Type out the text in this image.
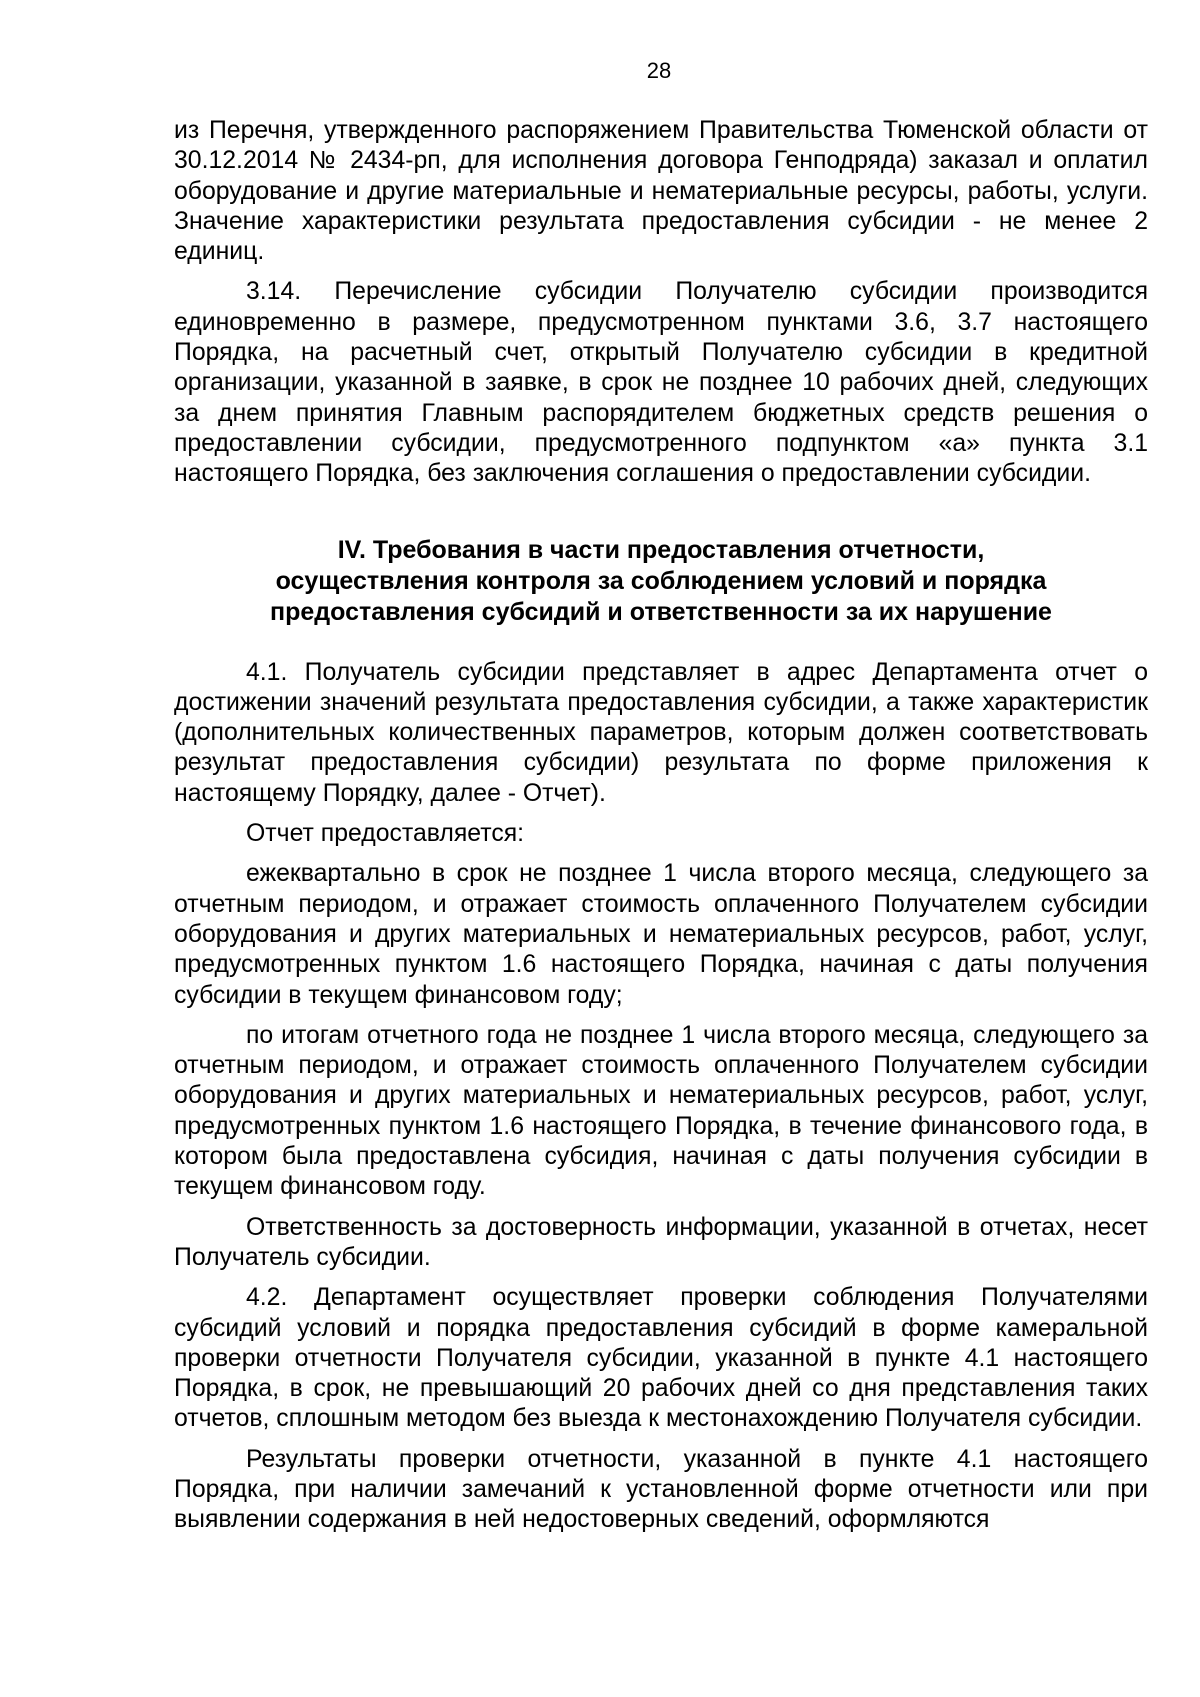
28

из Перечня, утвержденного распоряжением Правительства Тюменской области от 30.12.2014 № 2434-рп, для исполнения договора Генподряда) заказал и оплатил оборудование и другие материальные и нематериальные ресурсы, работы, услуги. Значение характеристики результата предоставления субсидии - не менее 2 единиц.

3.14. Перечисление субсидии Получателю субсидии производится единовременно в размере, предусмотренном пунктами 3.6, 3.7 настоящего Порядка, на расчетный счет, открытый Получателю субсидии в кредитной организации, указанной в заявке, в срок не позднее 10 рабочих дней, следующих за днем принятия Главным распорядителем бюджетных средств решения о предоставлении субсидии, предусмотренного подпунктом «а» пункта 3.1 настоящего Порядка, без заключения соглашения о предоставлении субсидии.

IV. Требования в части предоставления отчетности,
осуществления контроля за соблюдением условий и порядка
предоставления субсидий и ответственности за их нарушение

4.1. Получатель субсидии представляет в адрес Департамента отчет о достижении значений результата предоставления субсидии, а также характеристик (дополнительных количественных параметров, которым должен соответствовать результат предоставления субсидии) результата по форме приложения к настоящему Порядку, далее - Отчет).

Отчет предоставляется:

ежеквартально в срок не позднее 1 числа второго месяца, следующего за отчетным периодом, и отражает стоимость оплаченного Получателем субсидии оборудования и других материальных и нематериальных ресурсов, работ, услуг, предусмотренных пунктом 1.6 настоящего Порядка, начиная с даты получения субсидии в текущем финансовом году;

по итогам отчетного года не позднее 1 числа второго месяца, следующего за отчетным периодом, и отражает стоимость оплаченного Получателем субсидии оборудования и других материальных и нематериальных ресурсов, работ, услуг, предусмотренных пунктом 1.6 настоящего Порядка, в течение финансового года, в котором была предоставлена субсидия, начиная с даты получения субсидии в текущем финансовом году.

Ответственность за достоверность информации, указанной в отчетах, несет Получатель субсидии.

4.2. Департамент осуществляет проверки соблюдения Получателями субсидий условий и порядка предоставления субсидий в форме камеральной проверки отчетности Получателя субсидии, указанной в пункте 4.1 настоящего Порядка, в срок, не превышающий 20 рабочих дней со дня представления таких отчетов, сплошным методом без выезда к местонахождению Получателя субсидии.

Результаты проверки отчетности, указанной в пункте 4.1 настоящего Порядка, при наличии замечаний к установленной форме отчетности или при выявлении содержания в ней недостоверных сведений, оформляются
